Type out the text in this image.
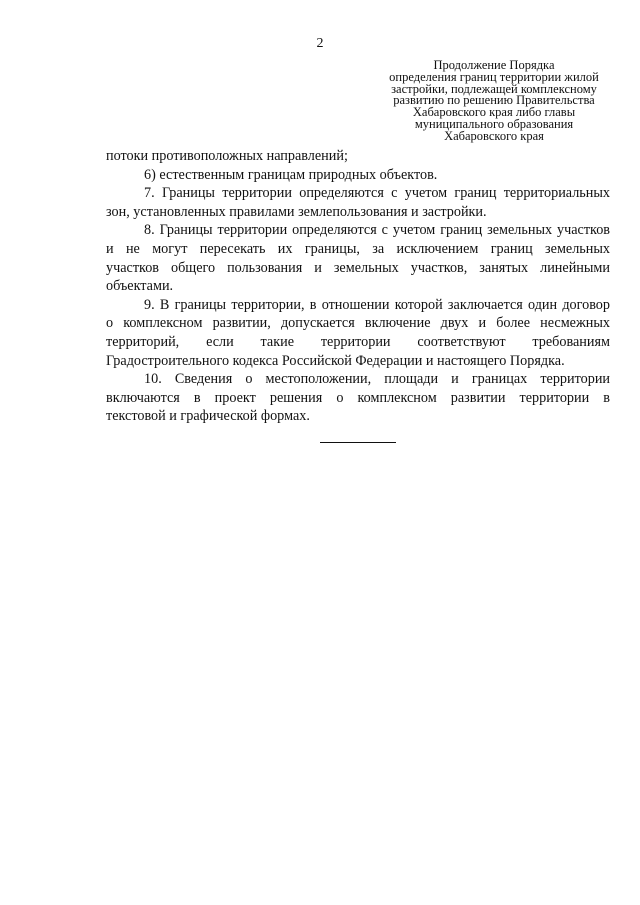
2
Продолжение Порядка
определения границ территории жилой
застройки, подлежащей комплексному
развитию по решению Правительства
Хабаровского края либо главы
муниципального образования
Хабаровского края
потоки противоположных направлений;
6) естественным границам природных объектов.
7. Границы территории определяются с учетом границ территориальных
зон, установленных правилами землепользования и застройки.
8. Границы территории определяются с учетом границ земельных участков
и не могут пересекать их границы, за исключением границ земельных
участков общего пользования и земельных участков, занятых линейными
объектами.
9. В границы территории, в отношении которой заключается один договор
о комплексном развитии, допускается включение двух и более несмежных
территорий, если такие территории соответствуют требованиям
Градостроительного кодекса Российской Федерации и настоящего Порядка.
10. Сведения о местоположении, площади и границах территории
включаются в проект решения о комплексном развитии территории в
текстовой и графической формах.
